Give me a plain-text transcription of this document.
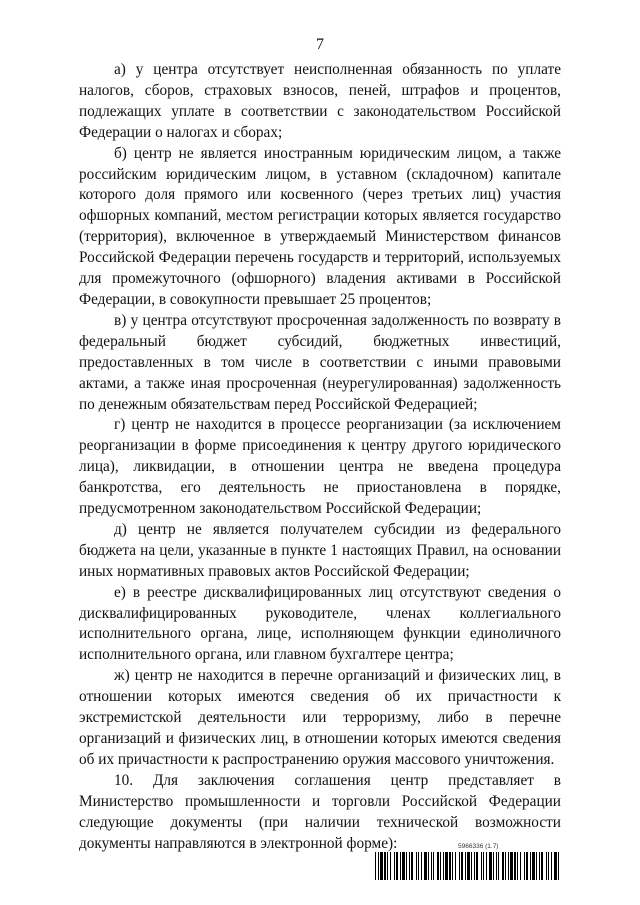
7

а) у центра отсутствует неисполненная обязанность по уплате налогов, сборов, страховых взносов, пеней, штрафов и процентов, подлежащих уплате в соответствии с законодательством Российской Федерации о налогах и сборах;

б) центр не является иностранным юридическим лицом, а также российским юридическим лицом, в уставном (складочном) капитале которого доля прямого или косвенного (через третьих лиц) участия офшорных компаний, местом регистрации которых является государство (территория), включенное в утверждаемый Министерством финансов Российской Федерации перечень государств и территорий, используемых для промежуточного (офшорного) владения активами в Российской Федерации, в совокупности превышает 25 процентов;

в) у центра отсутствуют просроченная задолженность по возврату в федеральный бюджет субсидий, бюджетных инвестиций, предоставленных в том числе в соответствии с иными правовыми актами, а также иная просроченная (неурегулированная) задолженность по денежным обязательствам перед Российской Федерацией;

г) центр не находится в процессе реорганизации (за исключением реорганизации в форме присоединения к центру другого юридического лица), ликвидации, в отношении центра не введена процедура банкротства, его деятельность не приостановлена в порядке, предусмотренном законодательством Российской Федерации;

д) центр не является получателем субсидии из федерального бюджета на цели, указанные в пункте 1 настоящих Правил, на основании иных нормативных правовых актов Российской Федерации;

е) в реестре дисквалифицированных лиц отсутствуют сведения о дисквалифицированных руководителе, членах коллегиального исполнительного органа, лице, исполняющем функции единоличного исполнительного органа, или главном бухгалтере центра;

ж) центр не находится в перечне организаций и физических лиц, в отношении которых имеются сведения об их причастности к экстремистской деятельности или терроризму, либо в перечне организаций и физических лиц, в отношении которых имеются сведения об их причастности к распространению оружия массового уничтожения.

10. Для заключения соглашения центр представляет в Министерство промышленности и торговли Российской Федерации следующие документы (при наличии технической возможности документы направляются в электронной форме):	5966336 (1.7)
